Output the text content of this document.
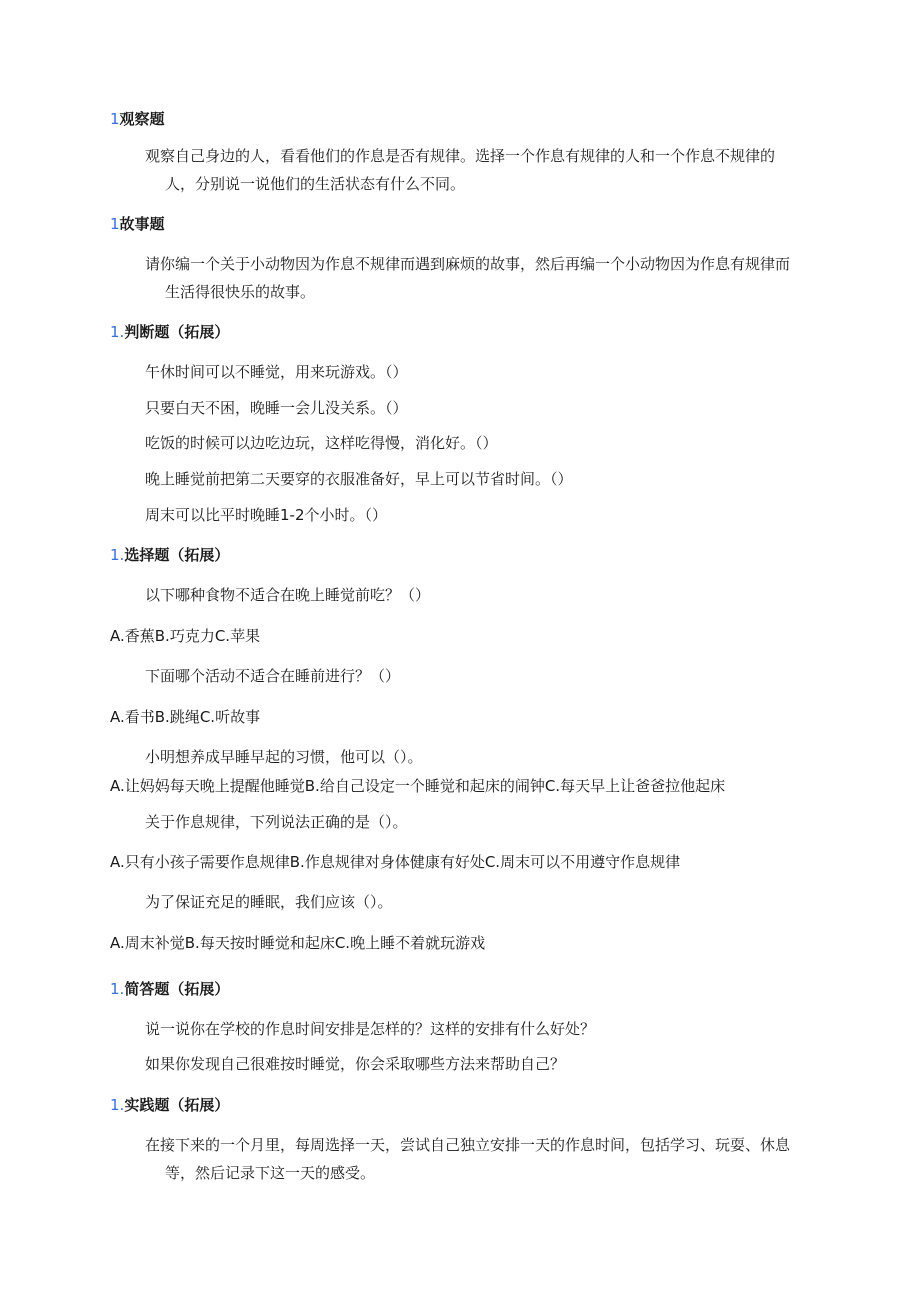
1观察题
观察自己身边的人，看看他们的作息是否有规律。选择一个作息有规律的人和一个作息不规律的
人，分别说一说他们的生活状态有什么不同。
1故事题
请你编一个关于小动物因为作息不规律而遇到麻烦的故事，然后再编一个小动物因为作息有规律而
生活得很快乐的故事。
1.判断题（拓展）
午休时间可以不睡觉，用来玩游戏。（）
只要白天不困，晚睡一会儿没关系。（）
吃饭的时候可以边吃边玩，这样吃得慢，消化好。（）
晚上睡觉前把第二天要穿的衣服准备好，早上可以节省时间。（）
周末可以比平时晚睡1-2个小时。（）
1.选择题（拓展）
以下哪种食物不适合在晚上睡觉前吃？（）
A.香蕉B.巧克力C.苹果
下面哪个活动不适合在睡前进行？（）
A.看书B.跳绳C.听故事
小明想养成早睡早起的习惯，他可以（）。
A.让妈妈每天晚上提醒他睡觉B.给自己设定一个睡觉和起床的闹钟C.每天早上让爸爸拉他起床
关于作息规律，下列说法正确的是（）。
A.只有小孩子需要作息规律B.作息规律对身体健康有好处C.周末可以不用遵守作息规律
为了保证充足的睡眠，我们应该（）。
A.周末补觉B.每天按时睡觉和起床C.晚上睡不着就玩游戏
1.简答题（拓展）
说一说你在学校的作息时间安排是怎样的？这样的安排有什么好处？
如果你发现自己很难按时睡觉，你会采取哪些方法来帮助自己？
1.实践题（拓展）
在接下来的一个月里，每周选择一天，尝试自己独立安排一天的作息时间，包括学习、玩耍、休息
等，然后记录下这一天的感受。
